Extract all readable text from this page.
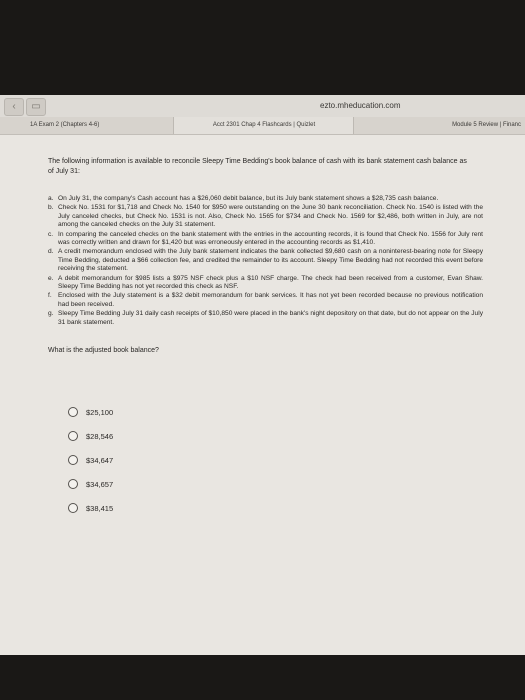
‹	▭	ezto.mheducation.com
1A Exam 2 (Chapters 4-6)	Acct 2301 Chap 4 Flashcards | Quizlet	Module 5 Review | Financ

The following information is available to reconcile Sleepy Time Bedding's book balance of cash with its bank statement cash balance as of July 31:

a. On July 31, the company's Cash account has a $26,060 debit balance, but its July bank statement shows a $28,735 cash balance.
b. Check No. 1531 for $1,718 and Check No. 1540 for $950 were outstanding on the June 30 bank reconciliation. Check No. 1540 is listed with the July canceled checks, but Check No. 1531 is not. Also, Check No. 1565 for $734 and Check No. 1569 for $2,486, both written in July, are not among the canceled checks on the July 31 statement.
c. In comparing the canceled checks on the bank statement with the entries in the accounting records, it is found that Check No. 1556 for July rent was correctly written and drawn for $1,420 but was erroneously entered in the accounting records as $1,410.
d. A credit memorandum enclosed with the July bank statement indicates the bank collected $9,680 cash on a noninterest-bearing note for Sleepy Time Bedding, deducted a $66 collection fee, and credited the remainder to its account. Sleepy Time Bedding had not recorded this event before receiving the statement.
e. A debit memorandum for $985 lists a $975 NSF check plus a $10 NSF charge. The check had been received from a customer, Evan Shaw. Sleepy Time Bedding has not yet recorded this check as NSF.
f. Enclosed with the July statement is a $32 debit memorandum for bank services. It has not yet been recorded because no previous notification had been received.
g. Sleepy Time Bedding July 31 daily cash receipts of $10,850 were placed in the bank's night depository on that date, but do not appear on the July 31 bank statement.
What is the adjusted book balance?
$25,100
$28,546
$34,647
$34,657
$38,415
